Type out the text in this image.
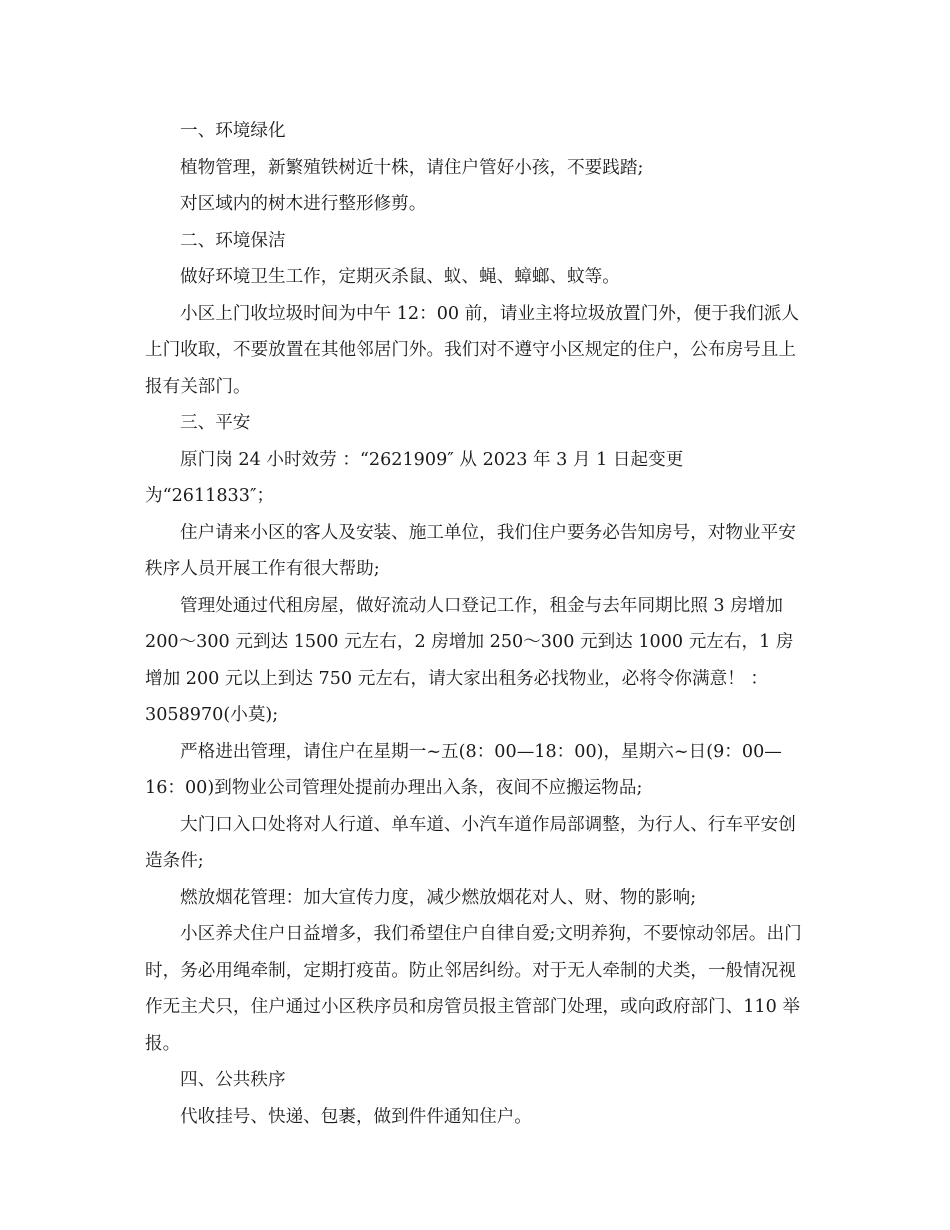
一、环境绿化

植物管理，新繁殖铁树近十株，请住户管好小孩，不要践踏;

对区域内的树木进行整形修剪。

二、环境保洁

做好环境卫生工作，定期灭杀鼠、蚁、蝇、蟑螂、蚊等。

小区上门收垃圾时间为中午 12：00 前，请业主将垃圾放置门外，便于我们派人上门收取，不要放置在其他邻居门外。我们对不遵守小区规定的住户，公布房号且上报有关部门。

三、平安

原门岗 24 小时效劳 ：“2621909″ 从 2023 年 3 月 1 日起变更为“2611833″；

住户请来小区的客人及安装、施工单位，我们住户要务必告知房号，对物业平安秩序人员开展工作有很大帮助;

管理处通过代租房屋，做好流动人口登记工作，租金与去年同期比照 3 房增加 200～300 元到达 1500 元左右，2 房增加 250～300 元到达 1000 元左右，1 房增加 200 元以上到达 750 元左右，请大家出租务必找物业，必将令你满意！ ：3058970(小莫);

严格进出管理，请住户在星期一~五(8：00—18：00)，星期六~日(9：00—16：00)到物业公司管理处提前办理出入条，夜间不应搬运物品;

大门口入口处将对人行道、单车道、小汽车道作局部调整，为行人、行车平安创造条件;

燃放烟花管理：加大宣传力度，减少燃放烟花对人、财、物的影响;

小区养犬住户日益增多，我们希望住户自律自爱;文明养狗，不要惊动邻居。出门时，务必用绳牵制，定期打疫苗。防止邻居纠纷。对于无人牵制的犬类，一般情况视作无主犬只，住户通过小区秩序员和房管员报主管部门处理，或向政府部门、110 举报。

四、公共秩序

代收挂号、快递、包裹，做到件件通知住户。
